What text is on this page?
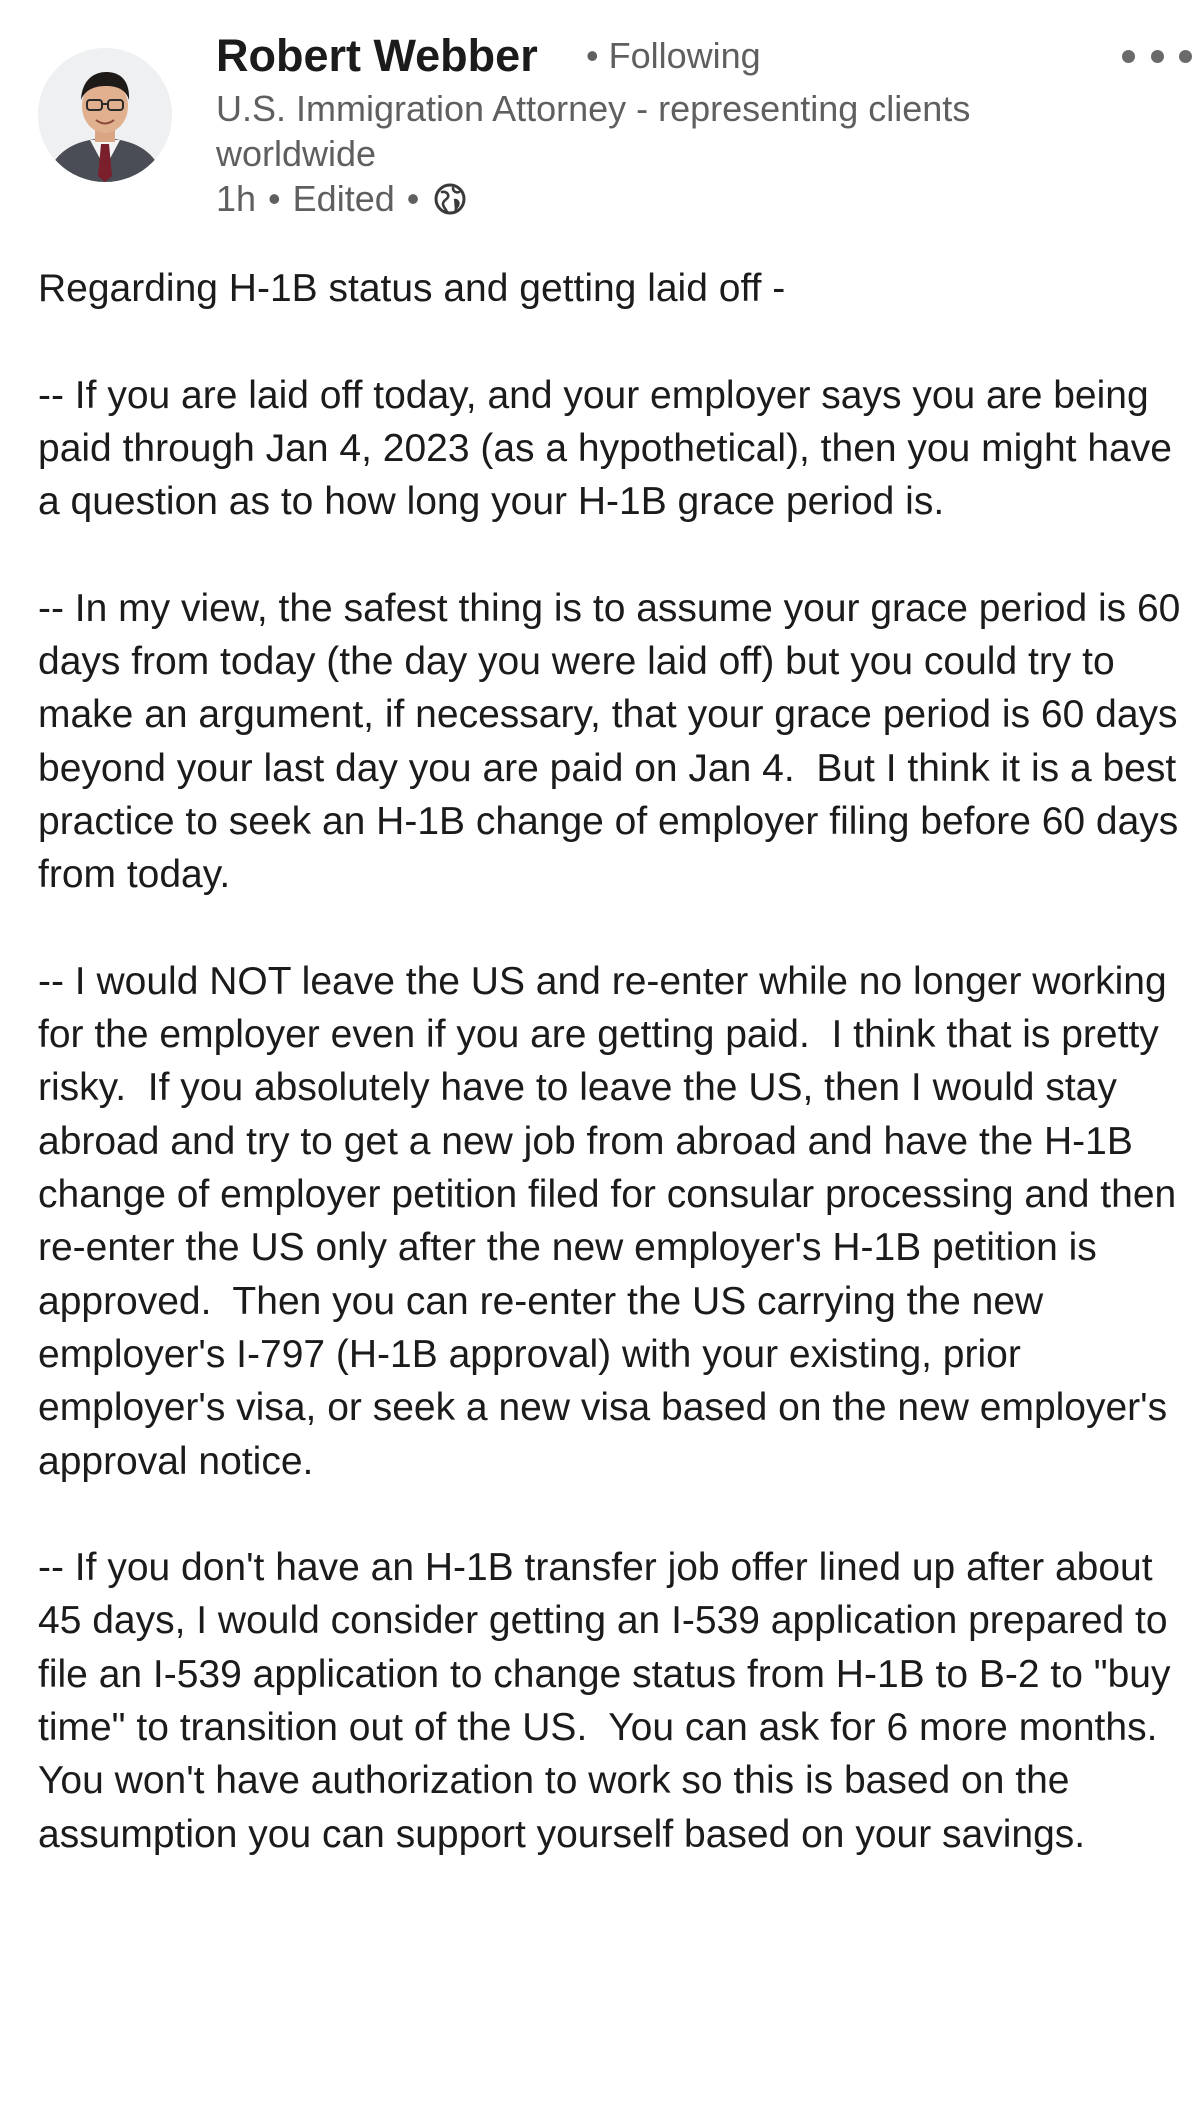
Robert Webber • Following
U.S. Immigration Attorney - representing clients worldwide
1h • Edited •

Regarding H-1B status and getting laid off -

-- If you are laid off today, and your employer says you are being paid through Jan 4, 2023 (as a hypothetical), then you might have a question as to how long your H-1B grace period is.

-- In my view, the safest thing is to assume your grace period is 60 days from today (the day you were laid off) but you could try to make an argument, if necessary, that your grace period is 60 days beyond your last day you are paid on Jan 4.  But I think it is a best practice to seek an H-1B change of employer filing before 60 days from today.

-- I would NOT leave the US and re-enter while no longer working for the employer even if you are getting paid.  I think that is pretty risky.  If you absolutely have to leave the US, then I would stay abroad and try to get a new job from abroad and have the H-1B change of employer petition filed for consular processing and then re-enter the US only after the new employer's H-1B petition is approved.  Then you can re-enter the US carrying the new employer's I-797 (H-1B approval) with your existing, prior employer's visa, or seek a new visa based on the new employer's approval notice.

-- If you don't have an H-1B transfer job offer lined up after about 45 days, I would consider getting an I-539 application prepared to file an I-539 application to change status from H-1B to B-2 to "buy time" to transition out of the US.  You can ask for 6 more months.  You won't have authorization to work so this is based on the assumption you can support yourself based on your savings.
